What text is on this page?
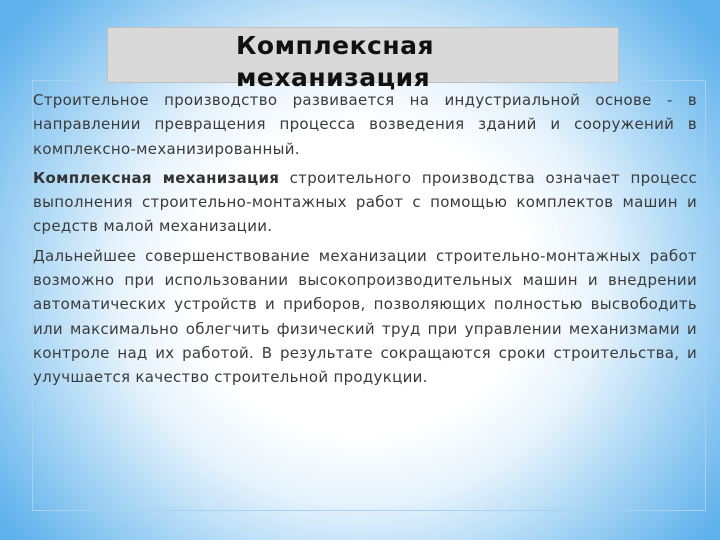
Комплексная
механизация

Строительное производство развивается на индустриальной основе - в направлении превращения процесса возведения зданий и сооружений в комплексно-механизированный.

Комплексная механизация строительного производства означает процесс выполнения строительно-монтажных работ с помощью комплектов машин и средств малой механизации.

Дальнейшее совершенствование механизации строительно-монтажных работ возможно при использовании высокопроизводительных машин и внедрении автоматических устройств и приборов, позволяющих полностью высвободить или максимально облегчить физический труд при управлении механизмами и контроле над их работой. В результате сокращаются сроки строительства, и улучшается качество строительной продукции.
